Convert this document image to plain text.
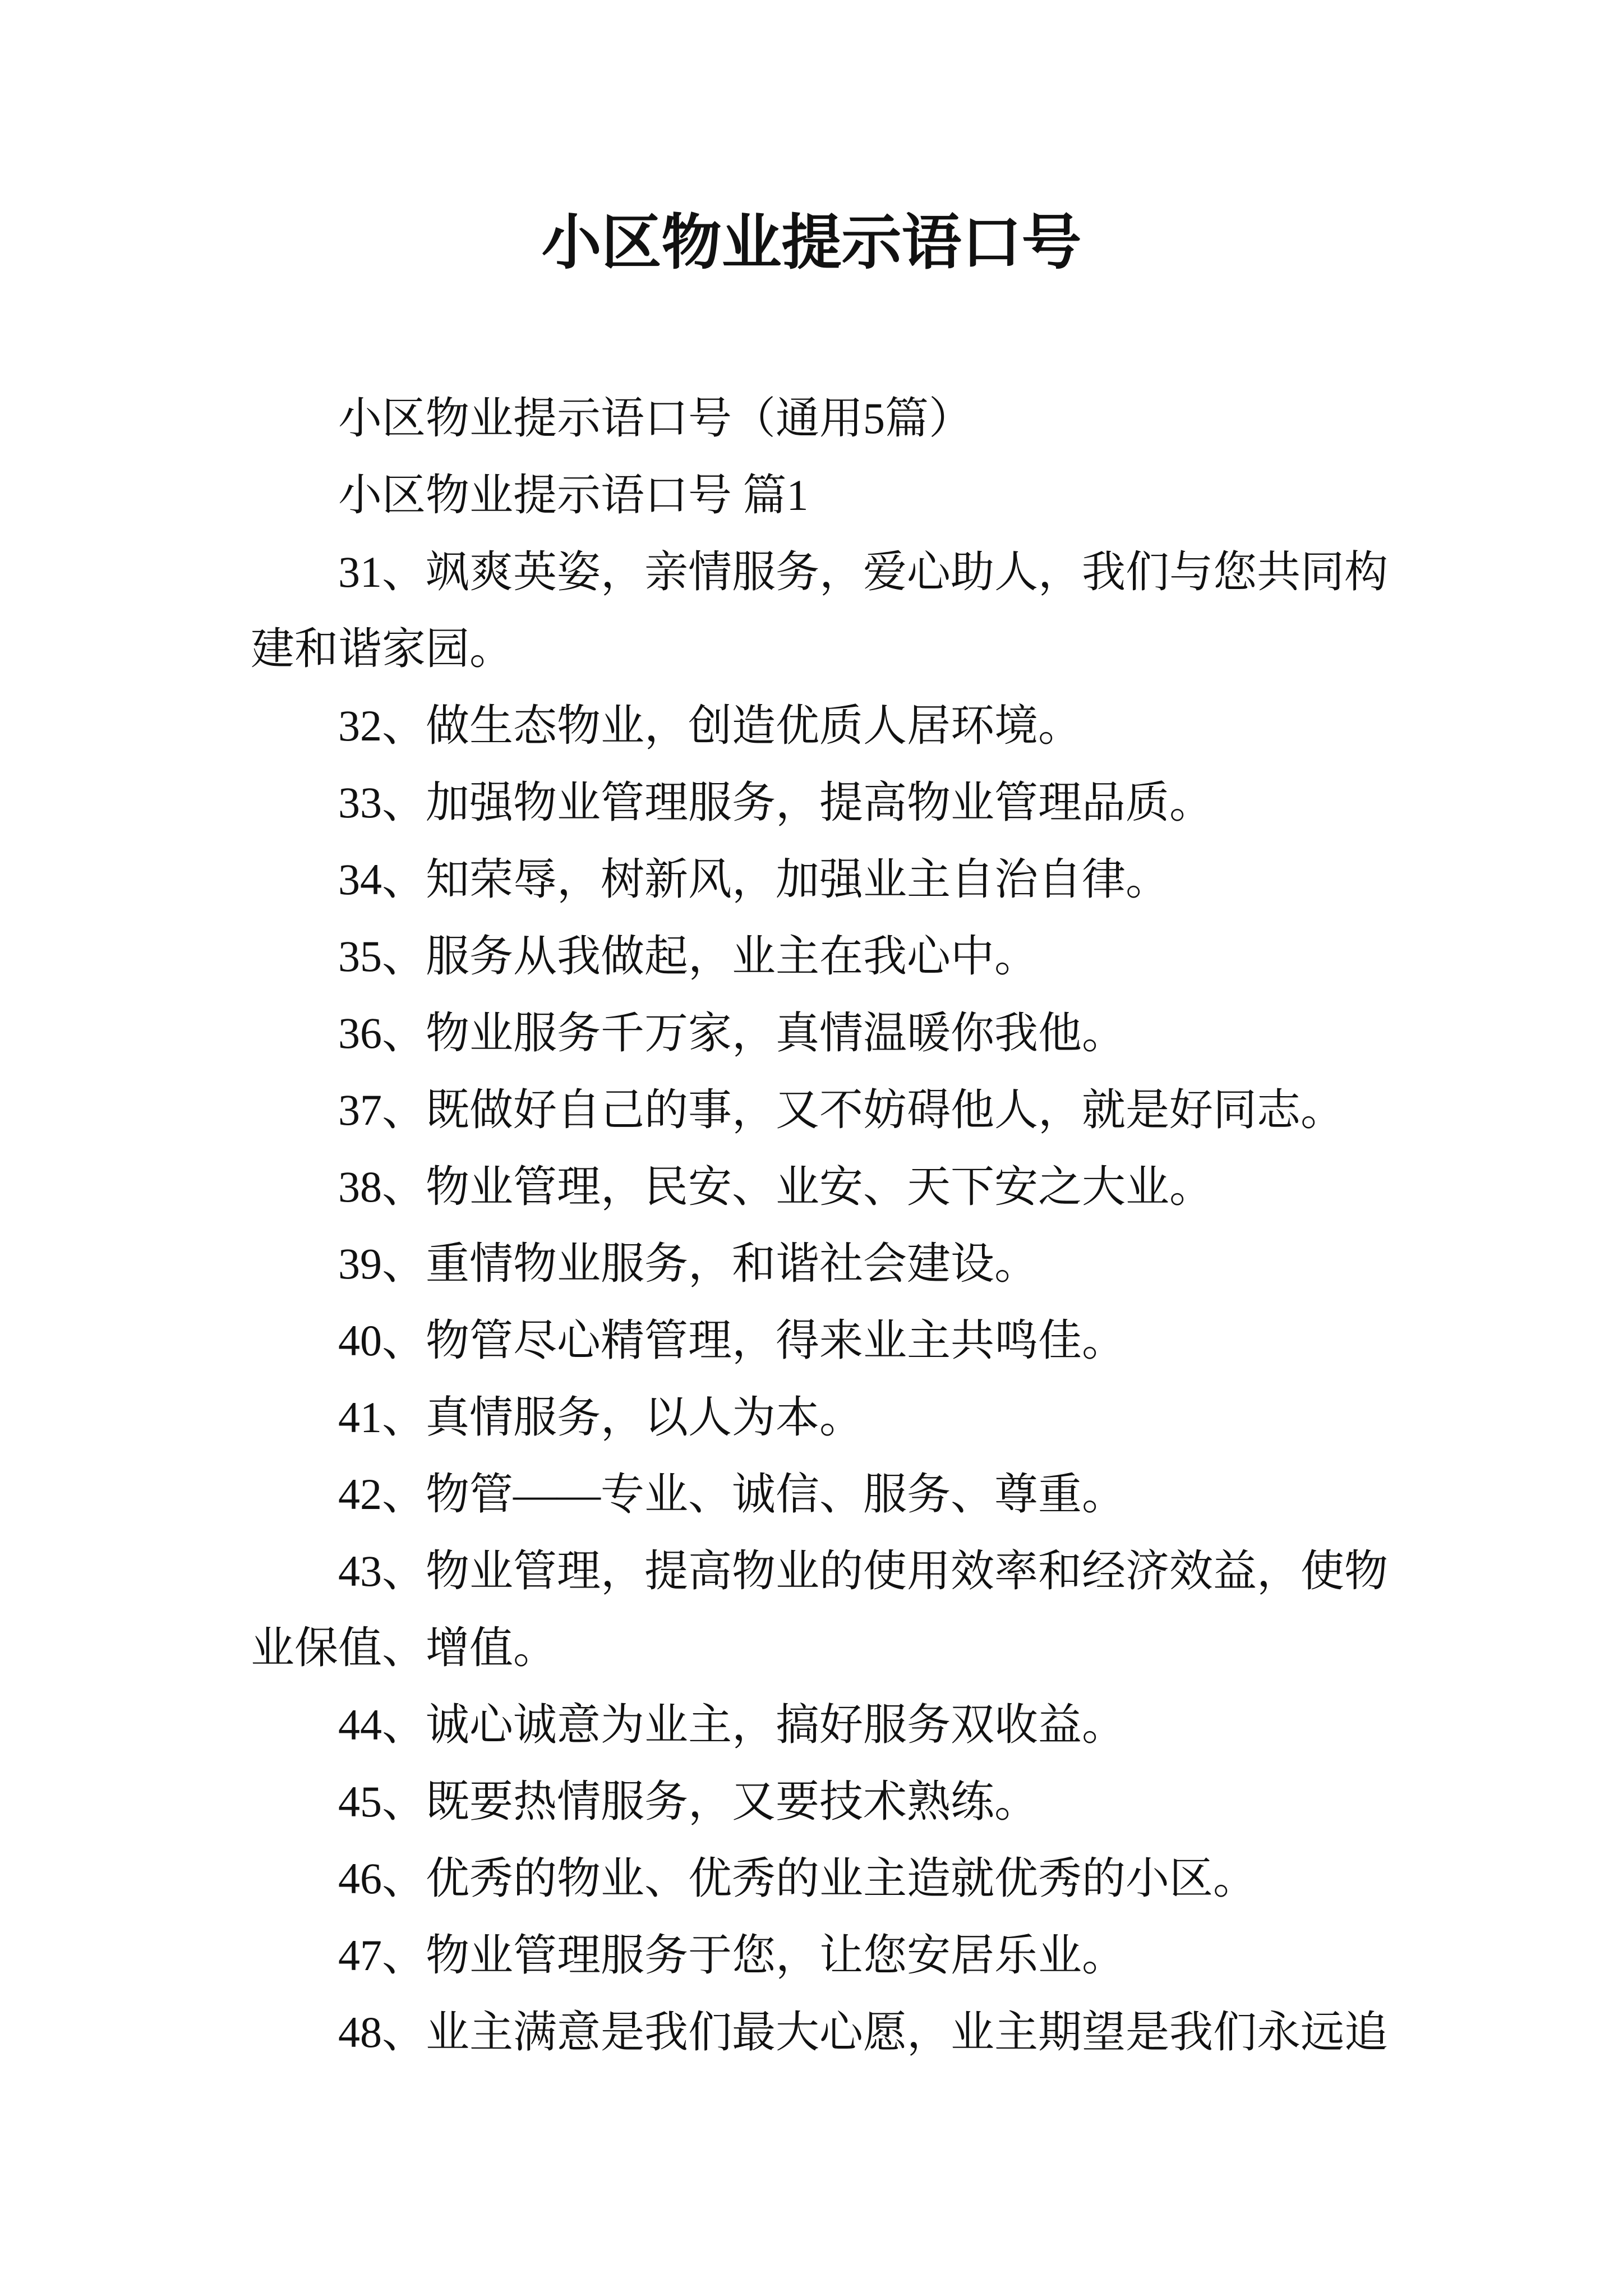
小区物业提示语口号

小区物业提示语口号（通用5篇）

小区物业提示语口号 篇1

31、飒爽英姿，亲情服务，爱心助人，我们与您共同构建和谐家园。

32、做生态物业，创造优质人居环境。

33、加强物业管理服务，提高物业管理品质。

34、知荣辱，树新风，加强业主自治自律。

35、服务从我做起，业主在我心中。

36、物业服务千万家，真情温暖你我他。

37、既做好自己的事，又不妨碍他人，就是好同志。

38、物业管理，民安、业安、天下安之大业。

39、重情物业服务，和谐社会建设。

40、物管尽心精管理，得来业主共鸣佳。

41、真情服务，以人为本。

42、物管——专业、诚信、服务、尊重。

43、物业管理，提高物业的使用效率和经济效益，使物业保值、增值。

44、诚心诚意为业主，搞好服务双收益。

45、既要热情服务，又要技术熟练。

46、优秀的物业、优秀的业主造就优秀的小区。

47、物业管理服务于您，让您安居乐业。

48、业主满意是我们最大心愿，业主期望是我们永远追
